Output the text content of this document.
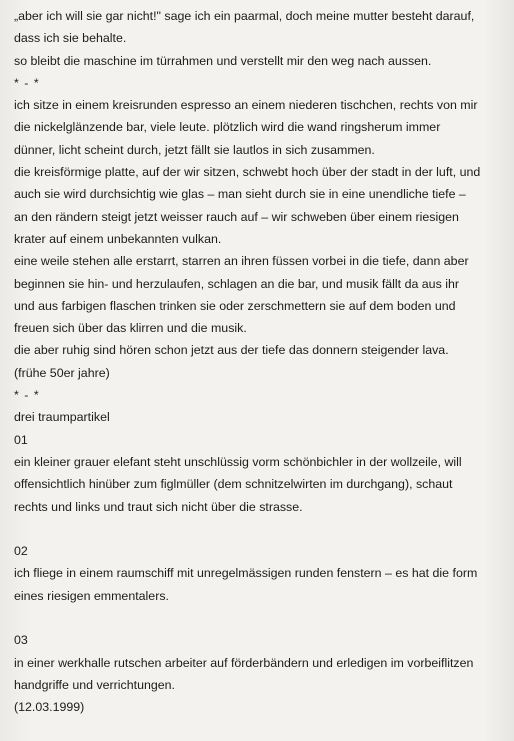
„aber ich will sie gar nicht!" sage ich ein paarmal, doch meine mutter besteht darauf,
dass ich sie behalte.
so bleibt die maschine im türrahmen und verstellt mir den weg nach aussen.
* - *
ich sitze in einem kreisrunden espresso an einem niederen tischchen, rechts von mir
die nickelglänzende bar, viele leute. plötzlich wird die wand ringsherum immer
dünner, licht scheint durch, jetzt fällt sie lautlos in sich zusammen.
die kreisförmige platte, auf der wir sitzen, schwebt hoch über der stadt in der luft, und
auch sie wird durchsichtig wie glas – man sieht durch sie in eine unendliche tiefe –
an den rändern steigt jetzt weisser rauch auf – wir schweben über einem riesigen
krater auf einem unbekannten vulkan.
eine weile stehen alle erstarrt, starren an ihren füssen vorbei in die tiefe, dann aber
beginnen sie hin- und herzulaufen, schlagen an die bar, und musik fällt da aus ihr
und aus farbigen flaschen trinken sie oder zerschmettern sie auf dem boden und
freuen sich über das klirren und die musik.
die aber ruhig sind hören schon jetzt aus der tiefe das donnern steigender lava.
(frühe 50er jahre)
* - *
drei traumpartikel
01
ein kleiner grauer elefant steht unschlüssig vorm schönbichler in der wollzeile, will
offensichtlich hinüber zum figlmüller (dem schnitzelwirten im durchgang), schaut
rechts und links und traut sich nicht über die strasse.
02
ich fliege in einem raumschiff mit unregelmässigen runden fenstern – es hat die form
eines riesigen emmentalers.
03
in einer werkhalle rutschen arbeiter auf förderbändern und erledigen im vorbeiflitzen
handgriffe und verrichtungen.
(12.03.1999)
